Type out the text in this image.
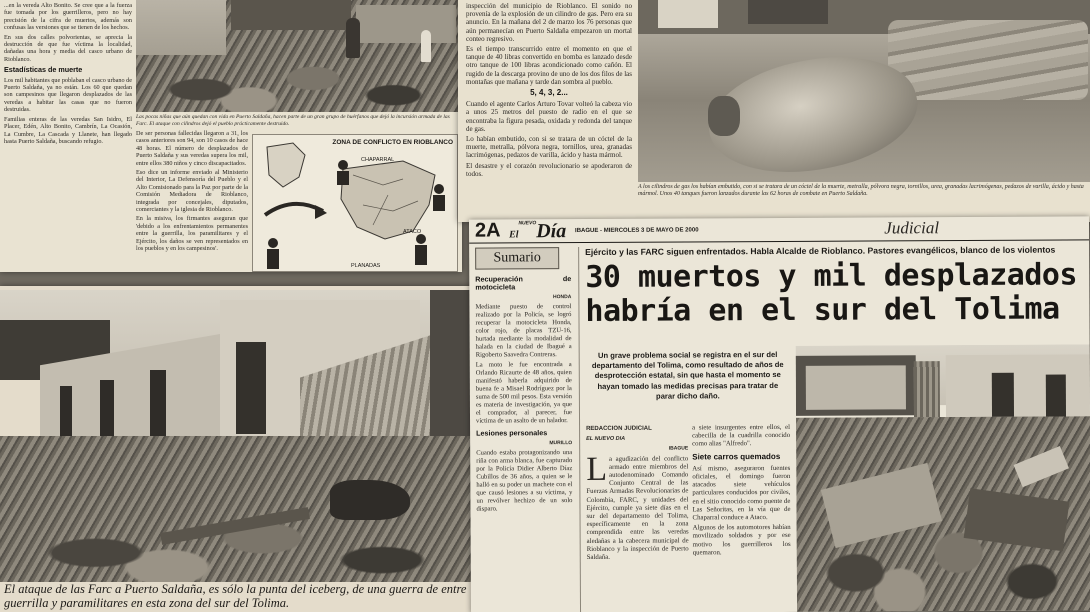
...en la vereda Alto Bonito. Se cree que a la fuerza fue tomada por los guerrilleros, pero no hay precisión de la cifra de muertos, además son confusas las versiones que se tienen de los hechos.

En sus dos calles polvorientas, se aprecia la destrucción de que fue víctima la localidad, dañadas una hora y media del casco urbano de Rioblanco.

Estadísticas de muerte

Los mil habitantes que poblaban el casco urbano de Puerto Saldaña, ya no están. Los 60 que quedan son campesinos que llegaron desplazados de las veredas a habitar las casas que no fueron destruidas.

Familias enteras de las veredas San Isidro, El Placer, Edén, Alto Bonito, Cambrín, La Ocasión, La Cumbre, La Cascada y Llanete, han llegado hasta Puerto Saldaña, buscando refugio.

Las pocas niñas que aún quedan con vida en Puerto Saldaña, hacen parte de un gran grupo de huérfanos que dejó la incursión armada de las Farc. El ataque con cilindros dejó el pueblo prácticamente destruido.

De ser personas fallecidas llegaron a 31, los casos anteriores son 94, son 10 casos de hace 48 horas. El número de desplazados de Puerto Saldaña y sus veredas supera los mil, entre ellos 380 niños y cinco discapacitados.

Eso dice un informe enviado al Ministerio del Interior, La Defensoría del Pueblo y el Alto Comisionado para la Paz por parte de la Comisión Mediadora de Rioblanco, integrada por concejales, diputados, comerciantes y la iglesia de Rioblanco.

En la misiva, los firmantes aseguran que 'debido a los enfrentamientos permanentes entre la guerrilla, los paramilitares y el Ejército, los daños se ven representados en los pueblos y en los campesinos'.

ZONA DE CONFLICTO EN RIOBLANCO
CHAPARRAL
ATACO
PLANADAS

inspección del municipio de Rioblanco. El sonido no provenía de la explosión de un cilindro de gas. Pero era su anuncio. En la mañana del 2 de marzo los 76 personas que aún permanecían en Puerto Saldaña empezaron un mortal conteo regresivo.

Es el tiempo transcurrido entre el momento en que el tanque de 40 libras convertido en bomba es lanzado desde otro tanque de 100 libras acondicionado como cañón. El rugido de la descarga provino de uno de los dos filos de las montañas que mañana y tarde dan sombra al pueblo.

5, 4, 3, 2...

Cuando el agente Carlos Arturo Tovar volteó la cabeza vio a unos 25 metros del puesto de radio en el que se encontraba la figura pesada, oxidada y redonda del tanque de gas.

Lo habían embutido, con si se tratara de un cóctel de la muerte, metralla, pólvora negra, tornillos, urea, granadas lacrimógenas, pedazos de varilla, ácido y hasta mármol.

El desastre y el corazón revolucionario se apoderaron de todos.

A los cilindros de gas los habían embutido, con si se tratara de un cóctel de la muerte, metralla, pólvora negra, tornillos, urea, granadas lacrimógenas, pedazos de varilla, ácido y hasta mármol. Unos 40 tanques fueron lanzados durante las 62 horas de combate en Puerto Saldaña.
El ataque de las Farc a Puerto Saldaña, es sólo la punta del iceberg, de una guerra de entre guerrilla y paramilitares en esta zona del sur del Tolima.
2A $El^{NUEVO}Día$ IBAGUE - MIERCOLES 3 DE MAYO DE 2000	Judicial
Sumario

Recuperación de motocicleta

HONDA

Mediante puesto de control realizado por la Policía, se logró recuperar la motocicleta Honda, color rojo, de placas TZU-16, hurtada mediante la modalidad de halada en la ciudad de Ibagué a Rigoberto Saavedra Contreras.

La moto le fue encontrada a Orlando Ricaurte de 48 años, quien manifestó haberla adquirido de buena fe a Misael Rodríguez por la suma de 500 mil pesos. Esta versión es materia de investigación, ya que el comprador, al parecer, fue víctima de un asalto de un halador.

Lesiones personales

MURILLO

Cuando estaba protagonizando una riña con arma blanca, fue capturado por la Policía Didier Alberto Díaz Cubillos de 36 años, a quien se le halló en su poder un machete con el que causó lesiones a su víctima, y un revólver hechizo de un solo disparo.

Ejército y las FARC siguen enfrentados. Habla Alcalde de Rioblanco. Pastores evangélicos, blanco de los violentos
30 muertos y mil desplazados habría en el sur del Tolima
Un grave problema social se registra en el sur del departamento del Tolima, como resultado de años de desprotección estatal, sin que hasta el momento se hayan tomado las medidas precisas para tratar de parar dicho daño.

REDACCION JUDICIAL

EL NUEVO DIA

IBAGUE

La agudización del conflicto armado entre miembros del autodenominado Comando Conjunto Central de las Fuerzas Armadas Revolucionarias de Colombia, FARC, y unidades del Ejército, cumple ya siete días en el sur del departamento del Tolima, específicamente en la zona comprendida entre las veredas aledañas a la cabecera municipal de Rioblanco y la inspección de Puerto Saldaña.

a siete insurgentes entre ellos, el cabecilla de la cuadrilla conocido como alias "Alfredo".

Siete carros quemados

Así mismo, aseguraron fuentes oficiales, el domingo fueron atacados siete vehículos particulares conducidos por civiles, en el sitio conocido como puente de Las Señoritas, en la vía que de Chaparral conduce a Ataco.

Algunos de los automotores habían movilizado soldados y por ese motivo los guerrilleros los quemaron.
